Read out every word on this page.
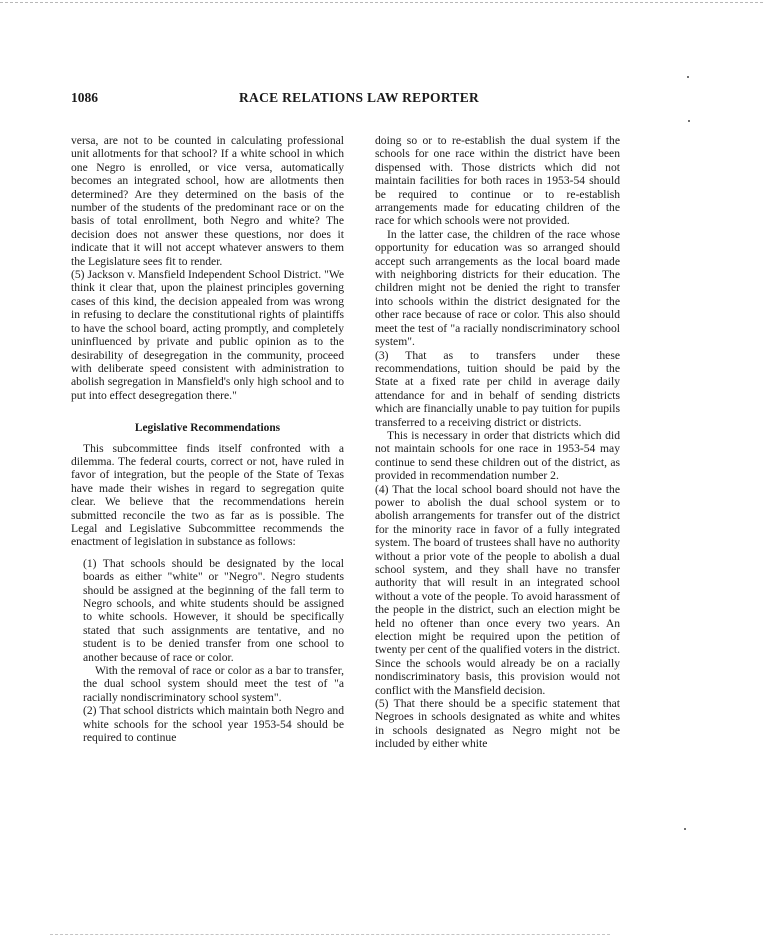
1086	RACE RELATIONS LAW REPORTER

versa, are not to be counted in calculating professional unit allotments for that school? If a white school in which one Negro is enrolled, or vice versa, automatically becomes an integrated school, how are allotments then determined? Are they determined on the basis of the number of the students of the predominant race or on the basis of total enrollment, both Negro and white? The decision does not answer these questions, nor does it indicate that it will not accept whatever answers to them the Legislature sees fit to render.

(5) Jackson v. Mansfield Independent School District. "We think it clear that, upon the plainest principles governing cases of this kind, the decision appealed from was wrong in refusing to declare the constitutional rights of plaintiffs to have the school board, acting promptly, and completely uninfluenced by private and public opinion as to the desirability of desegregation in the community, proceed with deliberate speed consistent with administration to abolish segregation in Mansfield's only high school and to put into effect desegregation there."

Legislative Recommendations

This subcommittee finds itself confronted with a dilemma. The federal courts, correct or not, have ruled in favor of integration, but the people of the State of Texas have made their wishes in regard to segregation quite clear. We believe that the recommendations herein submitted reconcile the two as far as is possible. The Legal and Legislative Subcommittee recommends the enactment of legislation in substance as follows:

(1) That schools should be designated by the local boards as either "white" or "Negro". Negro students should be assigned at the beginning of the fall term to Negro schools, and white students should be assigned to white schools. However, it should be specifically stated that such assignments are tentative, and no student is to be denied transfer from one school to another because of race or color.

With the removal of race or color as a bar to transfer, the dual school system should meet the test of "a racially nondiscriminatory school system".

(2) That school districts which maintain both Negro and white schools for the school year 1953-54 should be required to continue

doing so or to re-establish the dual system if the schools for one race within the district have been dispensed with. Those districts which did not maintain facilities for both races in 1953-54 should be required to continue or to re-establish arrangements made for educating children of the race for which schools were not provided.

In the latter case, the children of the race whose opportunity for education was so arranged should accept such arrangements as the local board made with neighboring districts for their education. The children might not be denied the right to transfer into schools within the district designated for the other race because of race or color. This also should meet the test of "a racially nondiscriminatory school system".

(3) That as to transfers under these recommendations, tuition should be paid by the State at a fixed rate per child in average daily attendance for and in behalf of sending districts which are financially unable to pay tuition for pupils transferred to a receiving district or districts.

This is necessary in order that districts which did not maintain schools for one race in 1953-54 may continue to send these children out of the district, as provided in recommendation number 2.

(4) That the local school board should not have the power to abolish the dual school system or to abolish arrangements for transfer out of the district for the minority race in favor of a fully integrated system. The board of trustees shall have no authority without a prior vote of the people to abolish a dual school system, and they shall have no transfer authority that will result in an integrated school without a vote of the people. To avoid harassment of the people in the district, such an election might be held no oftener than once every two years. An election might be required upon the petition of twenty per cent of the qualified voters in the district. Since the schools would already be on a racially nondiscriminatory basis, this provision would not conflict with the Mansfield decision.

(5) That there should be a specific statement that Negroes in schools designated as white and whites in schools designated as Negro might not be included by either white
